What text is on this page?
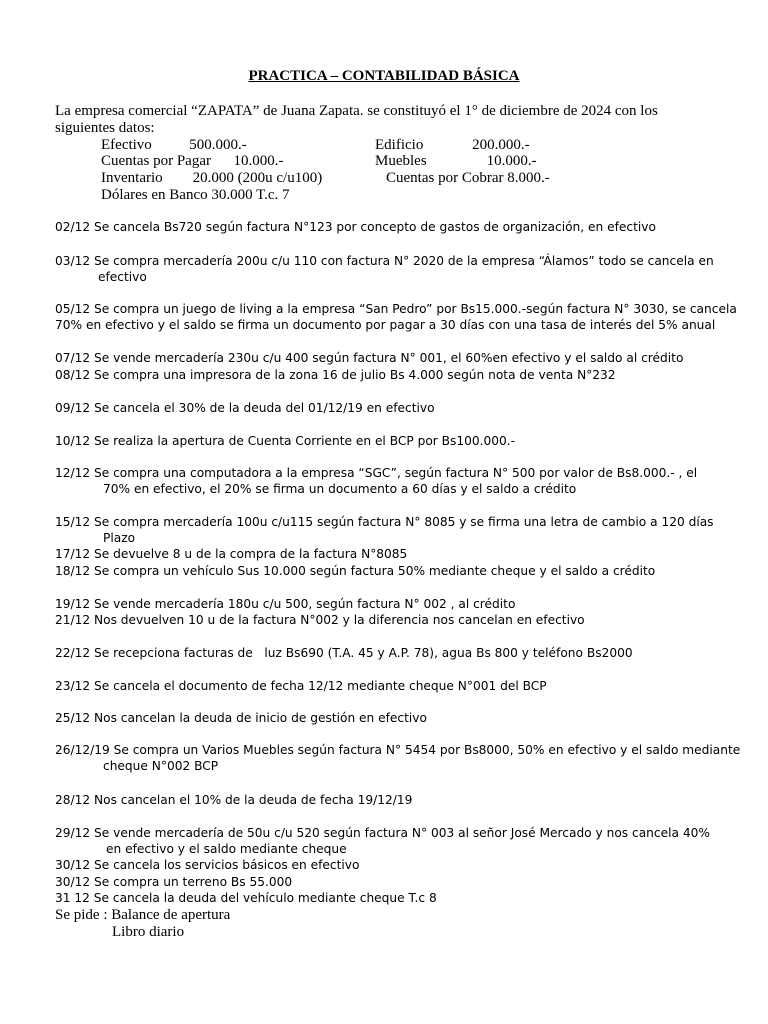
PRACTICA – CONTABILIDAD BÁSICA
La empresa comercial “ZAPATA” de Juana Zapata. se constituyó el 1° de diciembre de 2024 con los
siguientes datos:
Efectivo          500.000.-	Edificio             200.000.-
Cuentas por Pagar      10.000.-	Muebles                10.000.-
Inventario        20.000 (200u c/u100)	Cuentas por Cobrar 8.000.-
Dólares en Banco 30.000 T.c. 7
02/12 Se cancela Bs720 según factura N°123 por concepto de gastos de organización, en efectivo
03/12 Se compra mercadería 200u c/u 110 con factura N° 2020 de la empresa “Álamos” todo se cancela en
efectivo
05/12 Se compra un juego de living a la empresa “San Pedro” por Bs15.000.-según factura N° 3030, se cancela
70% en efectivo y el saldo se firma un documento por pagar a 30 días con una tasa de interés del 5% anual
07/12 Se vende mercadería 230u c/u 400 según factura N° 001, el 60%en efectivo y el saldo al crédito
08/12 Se compra una impresora de la zona 16 de julio Bs 4.000 según nota de venta N°232
09/12 Se cancela el 30% de la deuda del 01/12/19 en efectivo
10/12 Se realiza la apertura de Cuenta Corriente en el BCP por Bs100.000.-
12/12 Se compra una computadora a la empresa “SGC”, según factura N° 500 por valor de Bs8.000.- , el
70% en efectivo, el 20% se firma un documento a 60 días y el saldo a crédito
15/12 Se compra mercadería 100u c/u115 según factura N° 8085 y se firma una letra de cambio a 120 días
Plazo
17/12 Se devuelve 8 u de la compra de la factura N°8085
18/12 Se compra un vehículo Sus 10.000 según factura 50% mediante cheque y el saldo a crédito
19/12 Se vende mercadería 180u c/u 500, según factura N° 002 , al crédito
21/12 Nos devuelven 10 u de la factura N°002 y la diferencia nos cancelan en efectivo
22/12 Se recepciona facturas de   luz Bs690 (T.A. 45 y A.P. 78), agua Bs 800 y teléfono Bs2000
23/12 Se cancela el documento de fecha 12/12 mediante cheque N°001 del BCP
25/12 Nos cancelan la deuda de inicio de gestión en efectivo
26/12/19 Se compra un Varios Muebles según factura N° 5454 por Bs8000, 50% en efectivo y el saldo mediante
cheque N°002 BCP
28/12 Nos cancelan el 10% de la deuda de fecha 19/12/19
29/12 Se vende mercadería de 50u c/u 520 según factura N° 003 al señor José Mercado y nos cancela 40%
en efectivo y el saldo mediante cheque
30/12 Se cancela los servicios básicos en efectivo
30/12 Se compra un terreno Bs 55.000
31 12 Se cancela la deuda del vehículo mediante cheque T.c 8
Se pide : Balance de apertura
Libro diario
